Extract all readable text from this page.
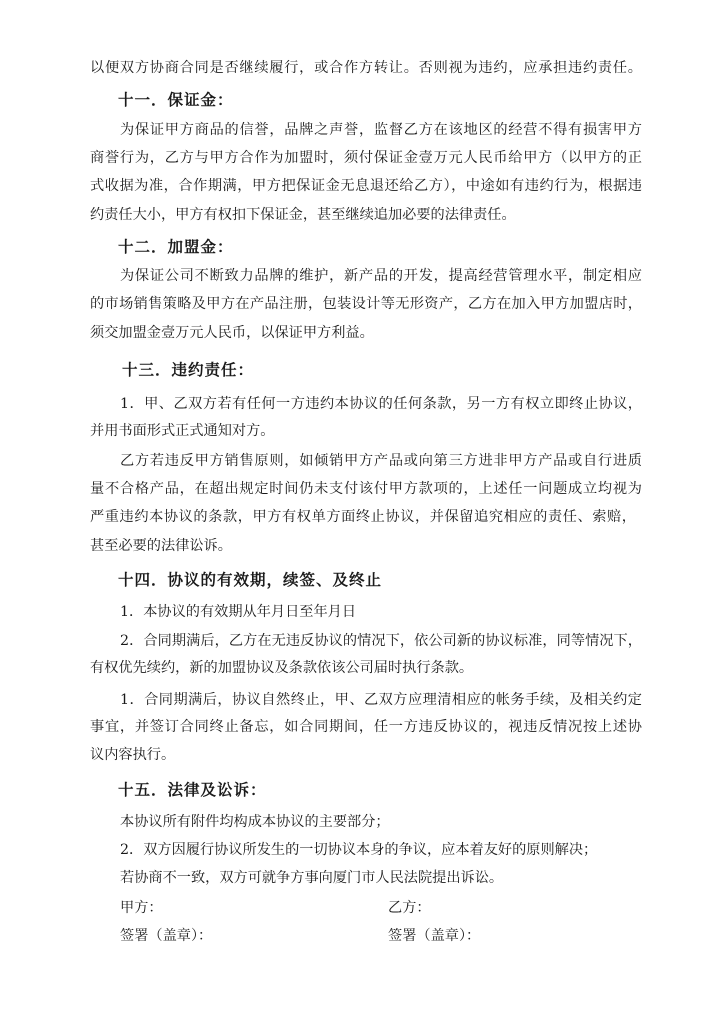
以便双方协商合同是否继续履行，或合作方转让。否则视为违约，应承担违约责任。
十一．保证金：
为保证甲方商品的信誉，品牌之声誉，监督乙方在该地区的经营不得有损害甲方
商誉行为，乙方与甲方合作为加盟时，须付保证金壹万元人民币给甲方（以甲方的正
式收据为准，合作期满，甲方把保证金无息退还给乙方），中途如有违约行为，根据违
约责任大小，甲方有权扣下保证金，甚至继续追加必要的法律责任。
十二．加盟金：
为保证公司不断致力品牌的维护，新产品的开发，提高经营管理水平，制定相应
的市场销售策略及甲方在产品注册，包装设计等无形资产，乙方在加入甲方加盟店时，
须交加盟金壹万元人民币，以保证甲方利益。
十三．违约责任：
1．甲、乙双方若有任何一方违约本协议的任何条款，另一方有权立即终止协议，
并用书面形式正式通知对方。
乙方若违反甲方销售原则，如倾销甲方产品或向第三方进非甲方产品或自行进质
量不合格产品，在超出规定时间仍未支付该付甲方款项的，上述任一问题成立均视为
严重违约本协议的条款，甲方有权单方面终止协议，并保留追究相应的责任、索赔，
甚至必要的法律讼诉。
十四．协议的有效期，续签、及终止
1．本协议的有效期从年月日至年月日
2．合同期满后，乙方在无违反协议的情况下，依公司新的协议标准，同等情况下，
有权优先续约，新的加盟协议及条款依该公司届时执行条款。
1．合同期满后，协议自然终止，甲、乙双方应理清相应的帐务手续，及相关约定
事宜，并签订合同终止备忘，如合同期间，任一方违反协议的，视违反情况按上述协
议内容执行。
十五．法律及讼诉：
本协议所有附件均构成本协议的主要部分；
2．双方因履行协议所发生的一切协议本身的争议，应本着友好的原则解决；
若协商不一致，双方可就争方事向厦门市人民法院提出诉讼。
甲方：	乙方：
签署（盖章）：	签署（盖章）：
